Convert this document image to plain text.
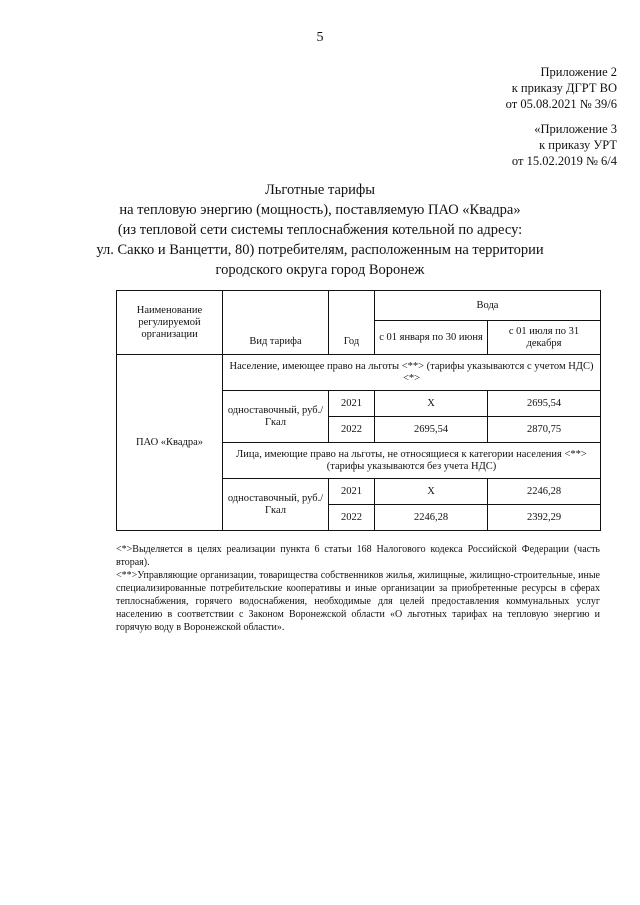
5
Приложение 2
к приказу ДГРТ ВО
от 05.08.2021 № 39/6
«Приложение 3
к приказу УРТ
от 15.02.2019 № 6/4
Льготные тарифы
на тепловую энергию (мощность), поставляемую ПАО «Квадра»
(из тепловой сети системы теплоснабжения котельной по адресу:
ул. Сакко и Ванцетти, 80) потребителям, расположенным на территории
городского округа город Воронеж
Наименование регулируемой организации	Вид тарифа	Год	Вода	
			с 01 января по 30 июня	с 01 июля по 31 декабря
ПАО «Квадра»	Население, имеющее право на льготы <**> (тарифы указываются с учетом НДС) <*>			
	одноставочный, руб./Гкал	2021	Х	2695,54
		2022	2695,54	2870,75
	Лица, имеющие право на льготы, не относящиеся к категории населения <**> (тарифы указываются без учета НДС)			
	одноставочный, руб./Гкал	2021	Х	2246,28
		2022	2246,28	2392,29

<*>Выделяется в целях реализации пункта 6 статьи 168 Налогового кодекса Российской Федерации (часть вторая).

<**>Управляющие организации, товарищества собственников жилья, жилищные, жилищно-строительные, иные специализированные потребительские кооперативы и иные организации за приобретенные ресурсы в сферах теплоснабжения, горячего водоснабжения, необходимые для целей предоставления коммунальных услуг населению в соответствии с Законом Воронежской области «О льготных тарифах на тепловую энергию и горячую воду в Воронежской области».
